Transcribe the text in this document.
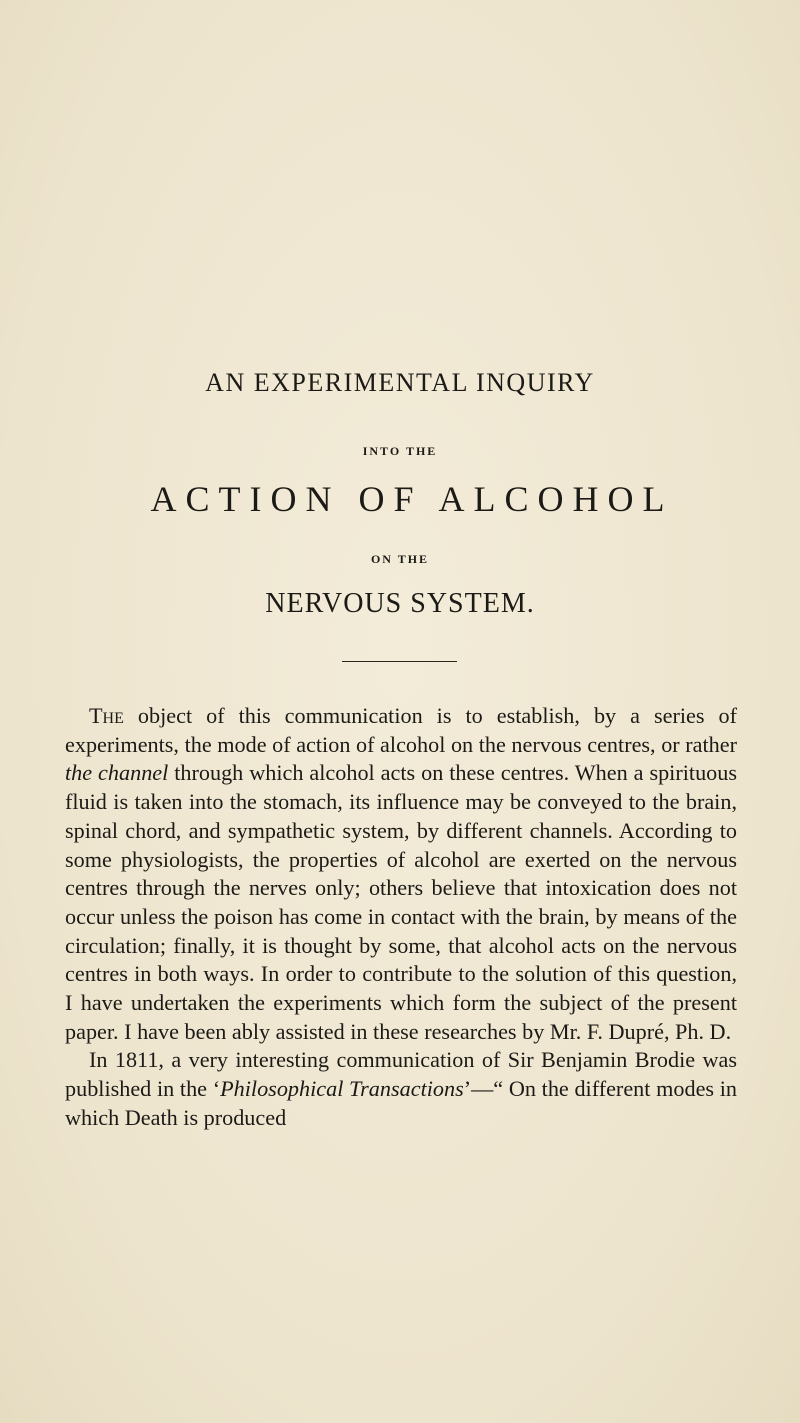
AN EXPERIMENTAL INQUIRY
INTO THE
ACTION OF ALCOHOL
ON THE
NERVOUS SYSTEM.

The object of this communication is to establish, by a series of experiments, the mode of action of alcohol on the nervous centres, or rather the channel through which alcohol acts on these centres. When a spirituous fluid is taken into the stomach, its influence may be conveyed to the brain, spinal chord, and sympathetic system, by different channels. According to some physiologists, the properties of alcohol are exerted on the nervous centres through the nerves only; others believe that intoxication does not occur unless the poison has come in contact with the brain, by means of the circulation; finally, it is thought by some, that alcohol acts on the nervous centres in both ways. In order to contribute to the solution of this question, I have undertaken the experiments which form the subject of the present paper. I have been ably assisted in these researches by Mr. F. Dupré, Ph. D.

In 1811, a very interesting communication of Sir Benjamin Brodie was published in the ‘Philosophical Transactions’—“ On the different modes in which Death is produced
